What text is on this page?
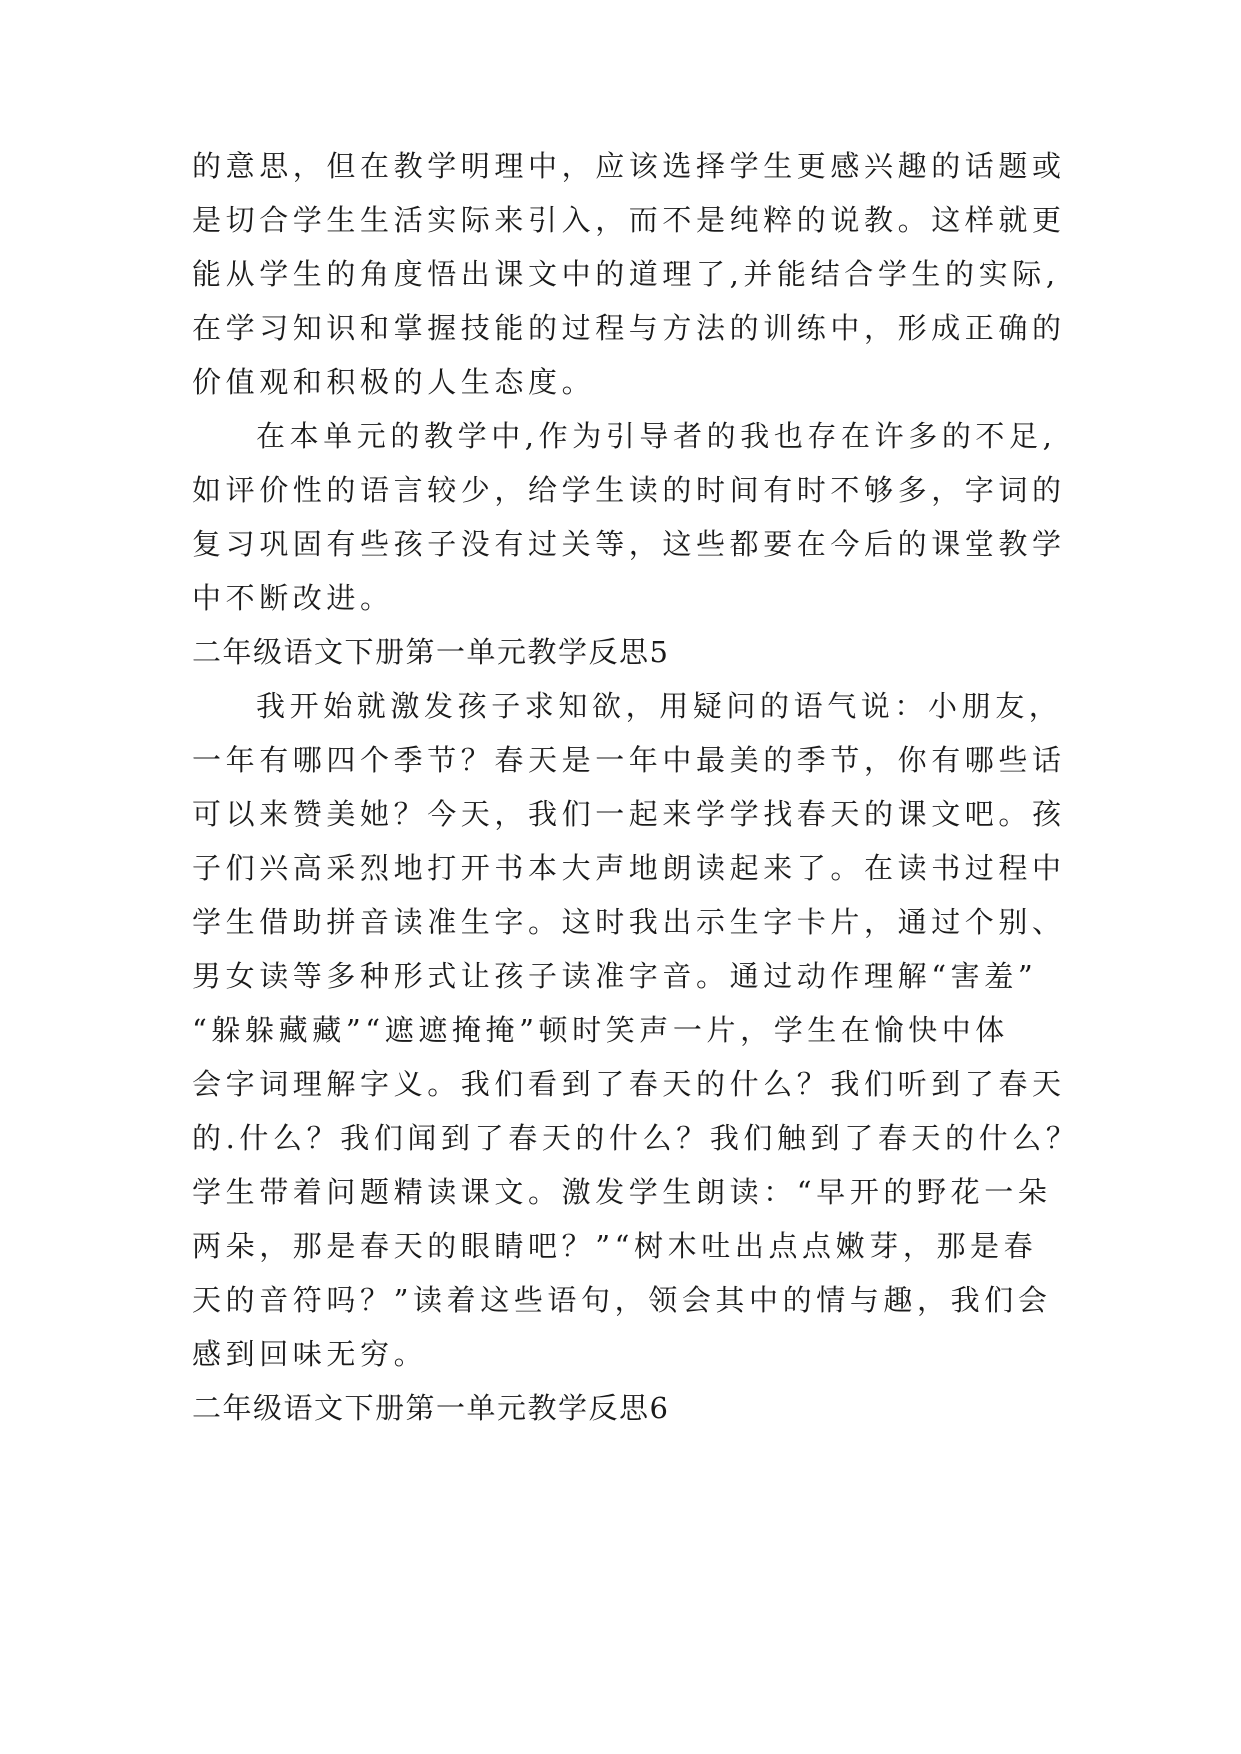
的意思，但在教学明理中，应该选择学生更感兴趣的话题或
是切合学生生活实际来引入，而不是纯粹的说教。这样就更
能从学生的角度悟出课文中的道理了,并能结合学生的实际,
在学习知识和掌握技能的过程与方法的训练中，形成正确的
价值观和积极的人生态度。
在本单元的教学中,作为引导者的我也存在许多的不足,
如评价性的语言较少，给学生读的时间有时不够多，字词的
复习巩固有些孩子没有过关等，这些都要在今后的课堂教学
中不断改进。
二年级语文下册第一单元教学反思5
我开始就激发孩子求知欲，用疑问的语气说：小朋友，
一年有哪四个季节？春天是一年中最美的季节，你有哪些话
可以来赞美她？今天，我们一起来学学找春天的课文吧。孩
子们兴高采烈地打开书本大声地朗读起来了。在读书过程中
学生借助拼音读准生字。这时我出示生字卡片，通过个别、
男女读等多种形式让孩子读准字音。通过动作理解“害羞”
“躲躲藏藏”“遮遮掩掩”顿时笑声一片，学生在愉快中体
会字词理解字义。我们看到了春天的什么？我们听到了春天
的.什么？我们闻到了春天的什么？我们触到了春天的什么？
学生带着问题精读课文。激发学生朗读：“早开的野花一朵
两朵，那是春天的眼睛吧？”“树木吐出点点嫩芽，那是春
天的音符吗？”读着这些语句，领会其中的情与趣，我们会
感到回味无穷。
二年级语文下册第一单元教学反思6
